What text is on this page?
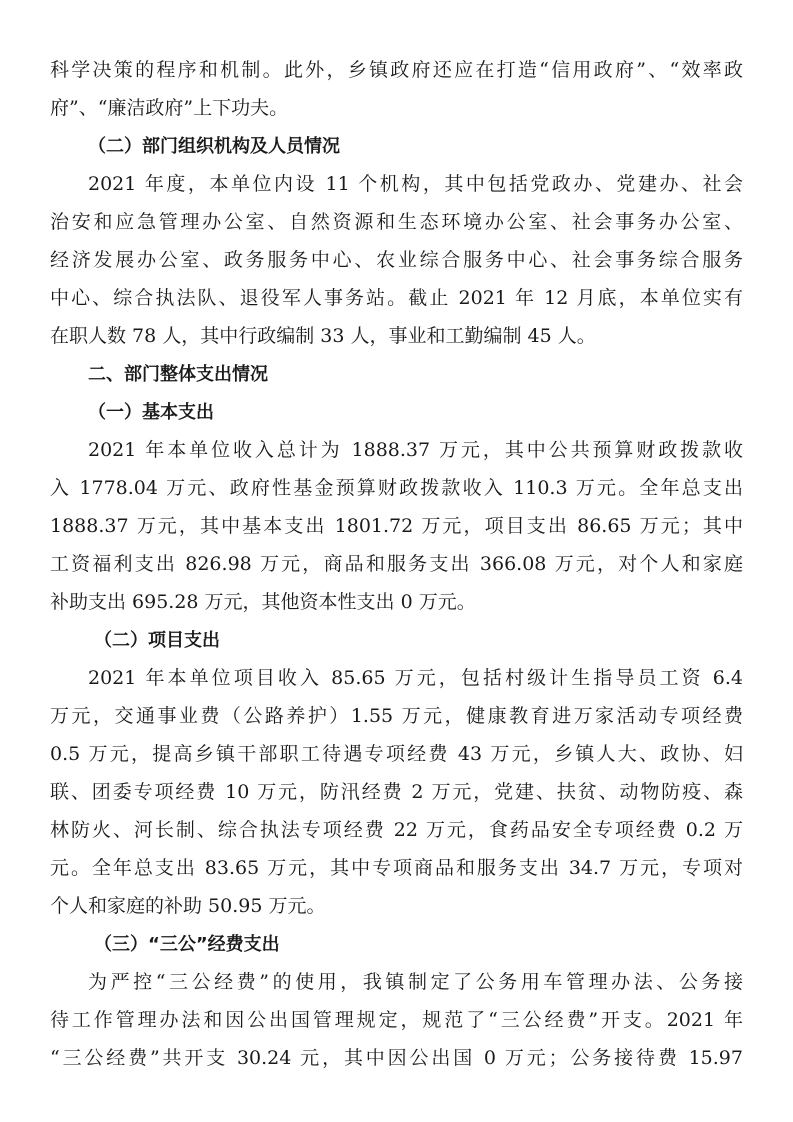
科学决策的程序和机制。此外，乡镇政府还应在打造“信用政府”、“效率政
府”、“廉洁政府”上下功夫。
（二）部门组织机构及人员情况
2021 年度，本单位内设 11 个机构，其中包括党政办、党建办、社会
治安和应急管理办公室、自然资源和生态环境办公室、社会事务办公室、
经济发展办公室、政务服务中心、农业综合服务中心、社会事务综合服务
中心、综合执法队、退役军人事务站。截止 2021 年 12 月底，本单位实有
在职人数 78 人，其中行政编制 33 人，事业和工勤编制 45 人。
二、部门整体支出情况
（一）基本支出
2021 年本单位收入总计为 1888.37 万元，其中公共预算财政拨款收
入 1778.04 万元、政府性基金预算财政拨款收入 110.3 万元。全年总支出
1888.37 万元，其中基本支出 1801.72 万元，项目支出 86.65 万元；其中
工资福利支出 826.98 万元，商品和服务支出 366.08 万元，对个人和家庭
补助支出 695.28 万元，其他资本性支出 0 万元。
（二）项目支出
2021 年本单位项目收入 85.65 万元，包括村级计生指导员工资 6.4
万元，交通事业费（公路养护）1.55 万元，健康教育进万家活动专项经费
0.5 万元，提高乡镇干部职工待遇专项经费 43 万元，乡镇人大、政协、妇
联、团委专项经费 10 万元，防汛经费 2 万元，党建、扶贫、动物防疫、森
林防火、河长制、综合执法专项经费 22 万元，食药品安全专项经费 0.2 万
元。全年总支出 83.65 万元，其中专项商品和服务支出 34.7 万元，专项对
个人和家庭的补助 50.95 万元。
（三）“三公”经费支出
为严控“三公经费”的使用，我镇制定了公务用车管理办法、公务接
待工作管理办法和因公出国管理规定，规范了“三公经费”开支。2021 年
“三公经费”共开支 30.24 元，其中因公出国 0 万元；公务接待费 15.97
